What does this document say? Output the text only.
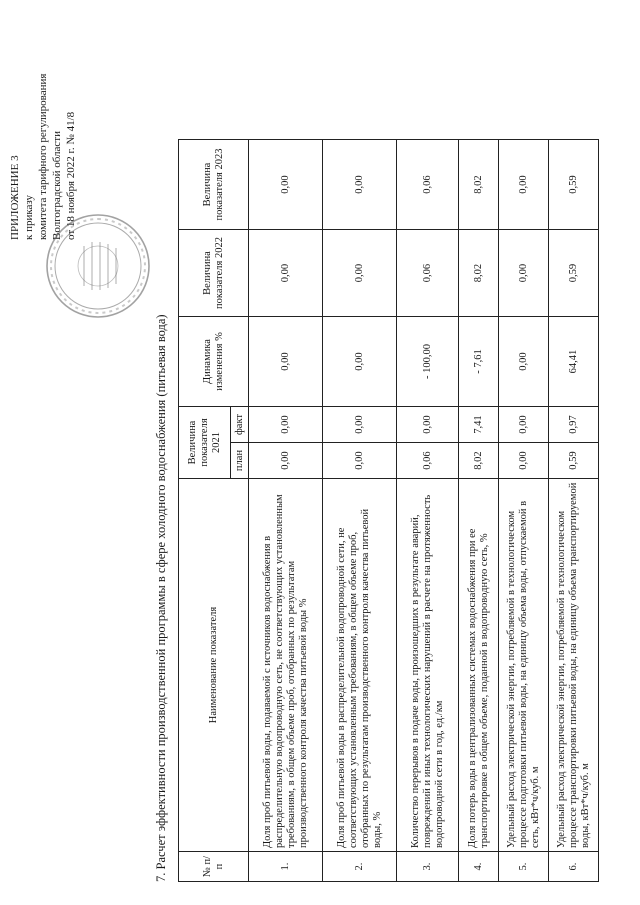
ПРИЛОЖЕНИЕ 3 к приказу комитета тарифного регулирования Волгоградской области от 18 ноября 2022 г. № 41/8
7. Расчет эффективности производственной программы в сфере холодного водоснабжения (питьевая вода)	№ п/п	Наименование показателя	Величина показателя 2021		Динамика изменения %	Величина показателя 2022	Величина показателя 2023
		план	факт			
1.	Доля проб питьевой воды, подаваемой с источников водоснабжения в распределительную водопроводную сеть, не соответствующих установленным требованиям, в общем объеме проб, отобранных по результатам производственного контроля качества питьевой воды %	0,00	0,00	0,00	0,00	0,00
2.	Доля проб питьевой воды в распределительной водопроводной сети, не соответствующих установленным требованиям, в общем объеме проб, отобранных по результатам производственного контроля качества питьевой воды, %	0,00	0,00	0,00	0,00	0,00
3.	Количество перерывов в подаче воды, произошедших в результате аварий, повреждений и иных технологических нарушений в расчете на протяженность водопроводной сети в год, ед./км	0,06	0,00	- 100,00	0,06	0,06
4.	Доля потерь воды в централизованных системах водоснабжения при ее транспортировке в общем объеме, поданной в водопроводную сеть, %	8,02	7,41	- 7,61	8,02	8,02
5.	Удельный расход электрической энергии, потребляемой в технологическом процессе подготовки питьевой воды, на единицу объема воды, отпускаемой в сеть, кВт*ч/куб. м	0,00	0,00	0,00	0,00	0,00
6.	Удельный расход электрической энергии, потребляемой в технологическом процессе транспортировки питьевой воды, на единицу объема транспортируемой воды, кВт*ч/куб. м	0,59	0,97	64,41	0,59	0,59
